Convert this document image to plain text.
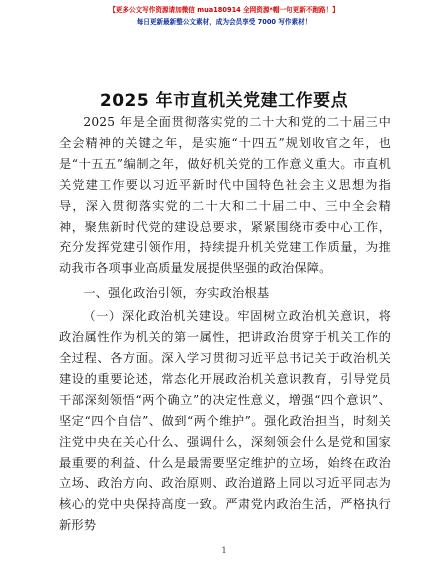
【更多公文写作资源请加微信 mua180914 全网资源*帽一句更新不跑路！】
每日更新最新整公文素材，成为会员享受 7000 写作素材！
2025 年市直机关党建工作要点

2025 年是全面贯彻落实党的二十大和党的二十届三中全会精神的关键之年，是实施“十四五”规划收官之年，也是“十五五”编制之年，做好机关党的工作意义重大。市直机关党建工作要以习近平新时代中国特色社会主义思想为指导，深入贯彻落实党的二十大和二十届二中、三中全会精神，聚焦新时代党的建设总要求，紧紧围绕市委中心工作，充分发挥党建引领作用，持续提升机关党建工作质量，为推动我市各项事业高质量发展提供坚强的政治保障。

一、强化政治引领，夯实政治根基

（一）深化政治机关建设。牢固树立政治机关意识，将政治属性作为机关的第一属性，把讲政治贯穿于机关工作的全过程、各方面。深入学习贯彻习近平总书记关于政治机关建设的重要论述，常态化开展政治机关意识教育，引导党员干部深刻领悟“两个确立”的决定性意义，增强“四个意识”、坚定“四个自信”、做到“两个维护”。强化政治担当，时刻关注党中央在关心什么、强调什么，深刻领会什么是党和国家最重要的利益、什么是最需要坚定维护的立场，始终在政治立场、政治方向、政治原则、政治道路上同以习近平同志为核心的党中央保持高度一致。严肃党内政治生活，严格执行新形势

1
